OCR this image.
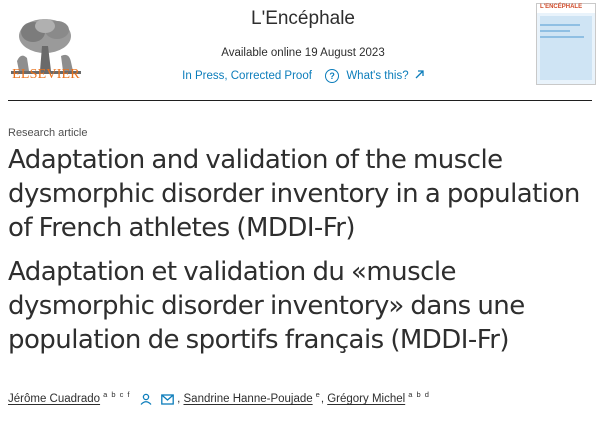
ELSEVIER
L'Encéphale
Available online 19 August 2023
In Press, Corrected Proof ? What's this?
L'ENCÉPHALE
Research article
Adaptation and validation of the muscle dysmorphic disorder inventory in a population of French athletes (MDDI-Fr)
Adaptation et validation du «muscle dysmorphic disorder inventory» dans une population de sportifs français (MDDI-Fr)
Jérôme Cuadrado $^{a b c f}$	, Sandrine Hanne-Poujade $^e$, Grégory Michel $^{a b d}$
